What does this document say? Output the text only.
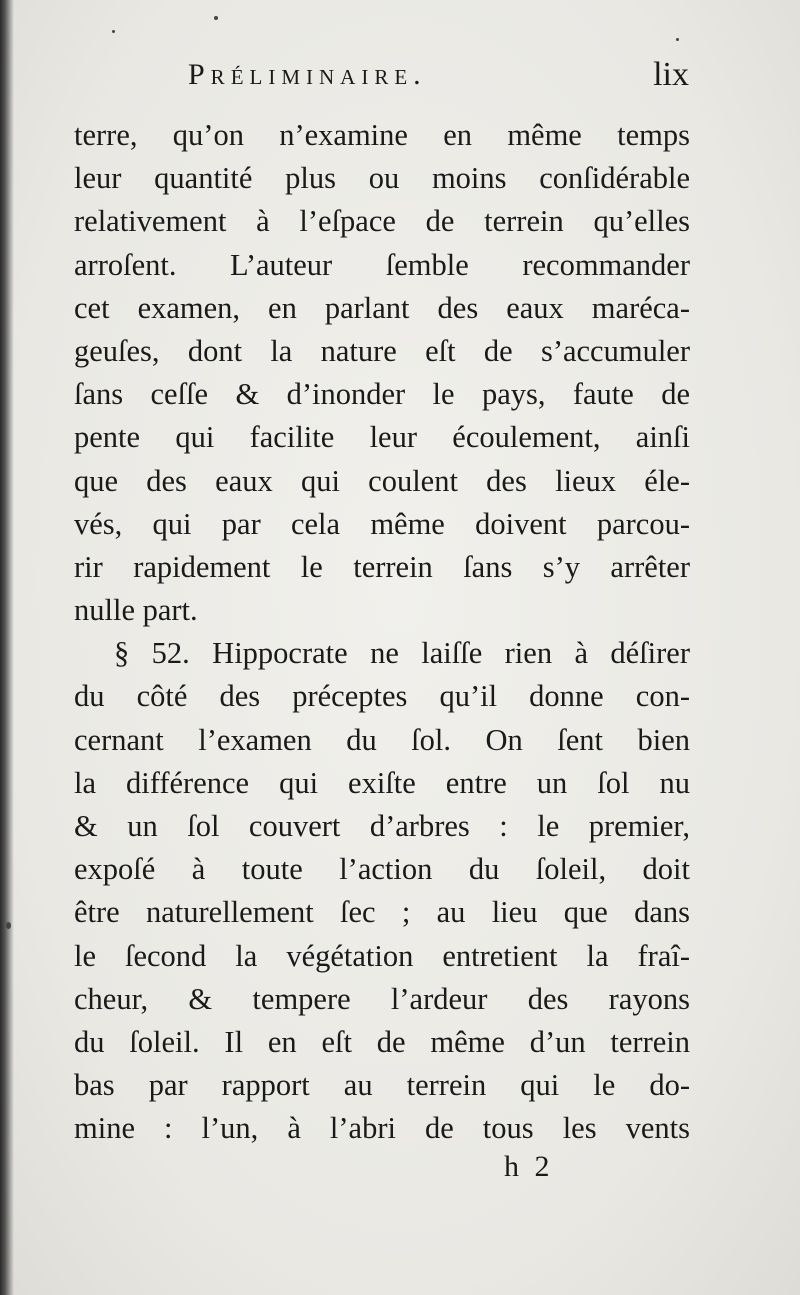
Préliminaire.	lix
terre, qu’on n’examine en même temps
leur quantité plus ou moins conſidérable
relativement à l’eſpace de terrein qu’elles
arroſent. L’auteur ſemble recommander
cet examen, en parlant des eaux maréca-
geuſes, dont la nature eſt de s’accumuler
ſans ceſſe & d’inonder le pays, faute de
pente qui facilite leur écoulement, ainſi
que des eaux qui coulent des lieux éle-
vés, qui par cela même doivent parcou-
rir rapidement le terrein ſans s’y arrêter
nulle part.
§ 52. Hippocrate ne laiſſe rien à déſirer
du côté des préceptes qu’il donne con-
cernant l’examen du ſol. On ſent bien
la différence qui exiſte entre un ſol nu
& un ſol couvert d’arbres : le premier,
expoſé à toute l’action du ſoleil, doit
être naturellement ſec ; au lieu que dans
le ſecond la végétation entretient la fraî-
cheur, & tempere l’ardeur des rayons
du ſoleil. Il en eſt de même d’un terrein
bas par rapport au terrein qui le do-
mine : l’un, à l’abri de tous les vents
h 2
